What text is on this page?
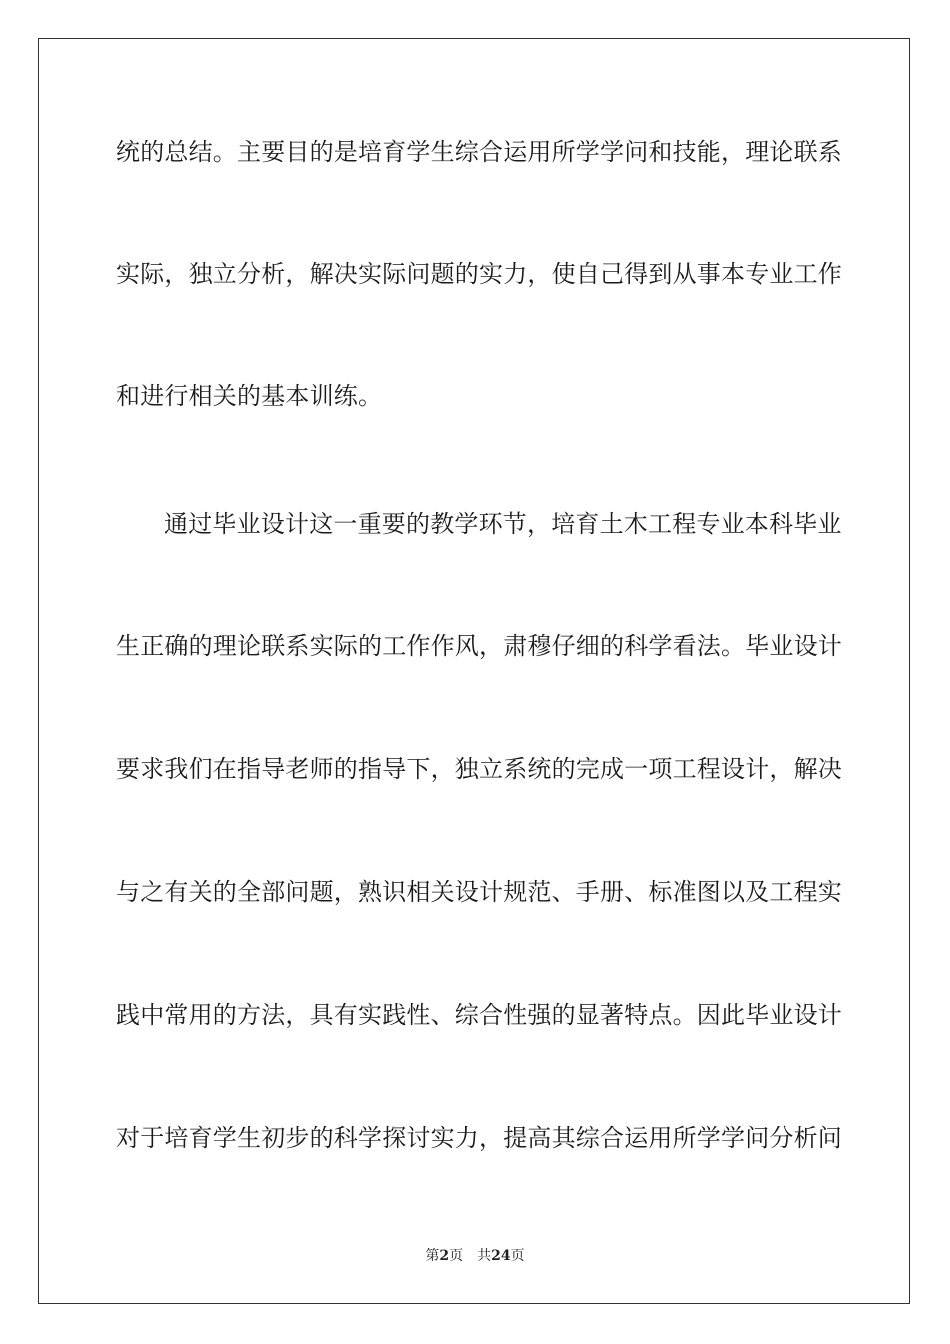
统的总结。主要目的是培育学生综合运用所学学问和技能，理论联系
实际，独立分析，解决实际问题的实力，使自己得到从事本专业工作
和进行相关的基本训练。
通过毕业设计这一重要的教学环节，培育土木工程专业本科毕业
生正确的理论联系实际的工作作风，肃穆仔细的科学看法。毕业设计
要求我们在指导老师的指导下，独立系统的完成一项工程设计，解决
与之有关的全部问题，熟识相关设计规范、手册、标准图以及工程实
践中常用的方法，具有实践性、综合性强的显著特点。因此毕业设计
对于培育学生初步的科学探讨实力，提高其综合运用所学学问分析问
第2页 共24页
